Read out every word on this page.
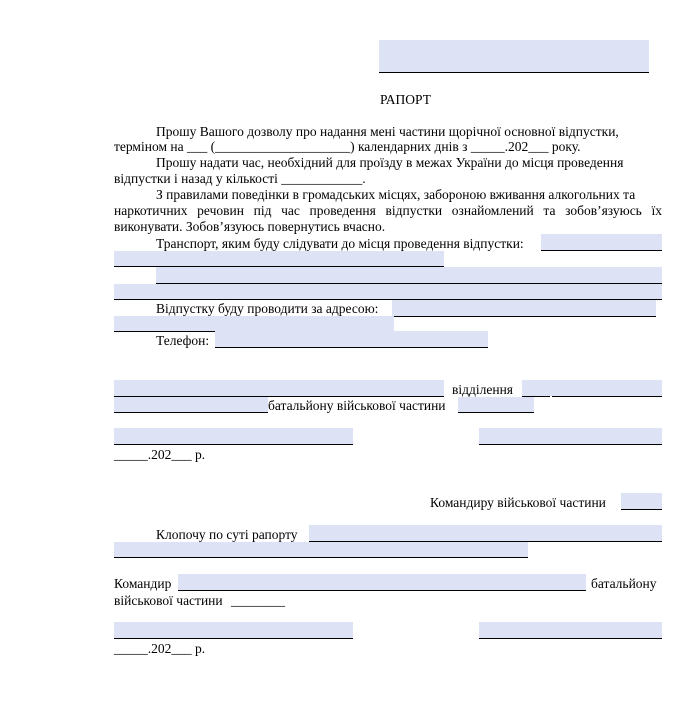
РАПОРТ
Прошу Вашого дозволу про надання мені частини щорічної основної відпустки,
терміном на ___ (____________________) календарних днів з _____.202___ року.
Прошу надати час, необхідний для проїзду в межах України до місця проведення
відпустки і назад у кількості ____________.
З правилами поведінки в громадських місцях, забороною вживання алкогольних та
наркотичних речовин під час проведення відпустки ознайомлений та зобов’язуюсь їх
виконувати. Зобов’язуюсь повернутись вчасно.
Транспорт, яким буду слідувати до місця проведення відпустки:
Відпустку буду проводити за адресою:
Телефон:
відділення
батальйону військової частини
_____.202___ р.
Командиру військової частини
Клопочу по суті рапорту
Командир	батальйону
військової частини ________
_____.202___ р.
